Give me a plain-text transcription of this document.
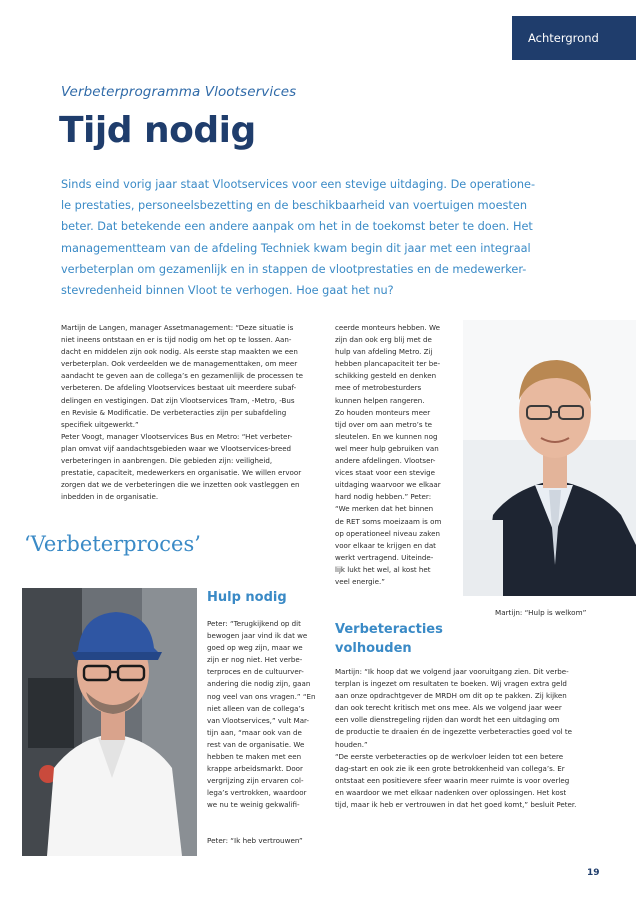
Achtergrond
Verbeterprogramma Vlootservices
Tijd nodig

Sinds eind vorig jaar staat Vlootservices voor een stevige uitdaging. De operatione-
le prestaties, personeelsbezetting en de beschikbaarheid van voertuigen moesten
beter. Dat betekende een andere aanpak om het in de toekomst beter te doen. Het
managementteam van de afdeling Techniek kwam begin dit jaar met een integraal
verbeterplan om gezamenlijk en in stappen de vlootprestaties en de medewerker-
stevredenheid binnen Vloot te verhogen. Hoe gaat het nu?

Martijn de Langen, manager Assetmanagement: “Deze situatie is
niet ineens ontstaan en er is tijd nodig om het op te lossen. Aan-
dacht en middelen zijn ook nodig. Als eerste stap maakten we een
verbeterplan. Ook verdeelden we de managementtaken, om meer
aandacht te geven aan de collega’s en gezamenlijk de processen te
verbeteren. De afdeling Vlootservices bestaat uit meerdere subaf-
delingen en vestigingen. Dat zijn Vlootservices Tram, -Metro, -Bus
en Revisie & Modificatie. De verbeteracties zijn per subafdeling
specifiek uitgewerkt.”
Peter Voogt, manager Vlootservices Bus en Metro: “Het verbeter-
plan omvat vijf aandachtsgebieden waar we Vlootservices-breed
verbeteringen in aanbrengen. Die gebieden zijn: veiligheid,
prestatie, capaciteit, medewerkers en organisatie. We willen ervoor
zorgen dat we de verbeteringen die we inzetten ook vastleggen en
inbedden in de organisatie.
ceerde monteurs hebben. We
zijn dan ook erg blij met de
hulp van afdeling Metro. Zij
hebben plancapaciteit ter be-
schikking gesteld en denken
mee of metrobesturders
kunnen helpen rangeren.
Zo houden monteurs meer
tijd over om aan metro’s te
sleutelen. En we kunnen nog
wel meer hulp gebruiken van
andere afdelingen. Vlootser-
vices staat voor een stevige
uitdaging waarvoor we elkaar
hard nodig hebben.” Peter:
“We merken dat het binnen
de RET soms moeizaam is om
op operationeel niveau zaken
voor elkaar te krijgen en dat
werkt vertragend. Uiteinde-
lijk lukt het wel, al kost het
veel energie.”
Martijn: “Hulp is welkom”
‘Verbeterproces’
Hulp nodig
Peter: “Terugkijkend op dit
bewogen jaar vind ik dat we
goed op weg zijn, maar we
zijn er nog niet. Het verbe-
terproces en de cultuurver-
andering die nodig zijn, gaan
nog veel van ons vragen.” “En
niet alleen van de collega’s
van Vlootservices,” vult Mar-
tijn aan, “maar ook van de
rest van de organisatie. We
hebben te maken met een
krappe arbeidsmarkt. Door
vergrijzing zijn ervaren col-
lega’s vertrokken, waardoor
we nu te weinig gekwalifi-
Peter: “Ik heb vertrouwen”
Verbeteracties
volhouden
Martijn: “Ik hoop dat we volgend jaar vooruitgang zien. Dit verbe-
terplan is ingezet om resultaten te boeken. Wij vragen extra geld
aan onze opdrachtgever de MRDH om dit op te pakken. Zij kijken
dan ook terecht kritisch met ons mee. Als we volgend jaar weer
een volle dienstregeling rijden dan wordt het een uitdaging om
de productie te draaien én de ingezette verbeteracties goed vol te
houden.”
“De eerste verbeteracties op de werkvloer leiden tot een betere
dag-start en ook zie ik een grote betrokkenheid van collega’s. Er
ontstaat een positievere sfeer waarin meer ruimte is voor overleg
en waardoor we met elkaar nadenken over oplossingen. Het kost
tijd, maar ik heb er vertrouwen in dat het goed komt,” besluit Peter.
19
